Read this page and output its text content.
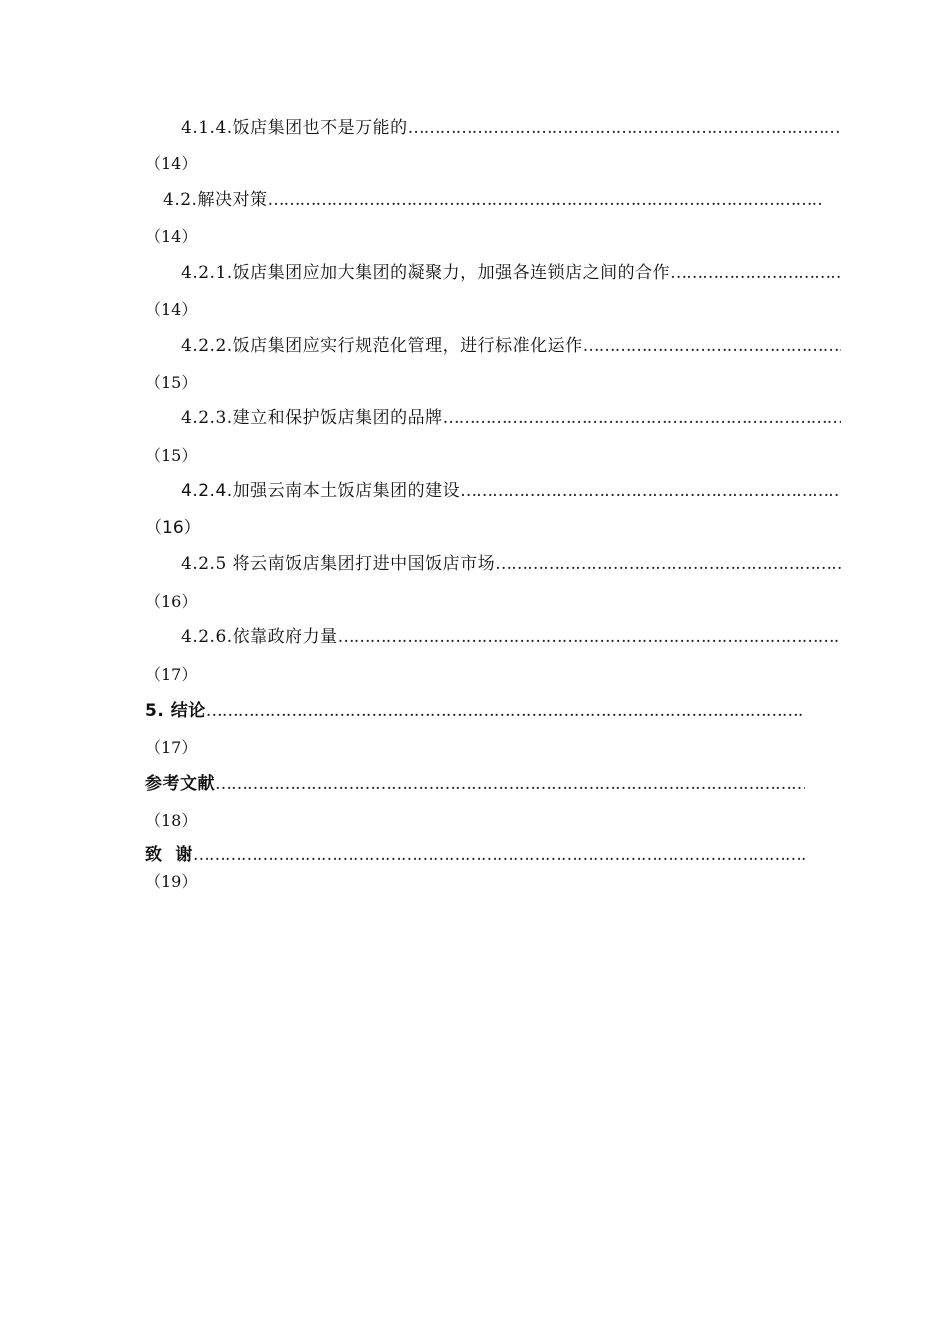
4.1.4.饭店集团也不是万能的
……………………………………………………………………………………………………………………………………………………………………………………………………
（14）
4.2.解决对策
……………………………………………………………………………………………………………………………………………………………………………………………………
（14）
4.2.1.饭店集团应加大集团的凝聚力，加强各连锁店之间的合作
……………………………………………………………………………………………………………………………………………………………………………………………………
（14）
4.2.2.饭店集团应实行规范化管理，进行标准化运作
……………………………………………………………………………………………………………………………………………………………………………………………………
（15）
4.2.3.建立和保护饭店集团的品牌
……………………………………………………………………………………………………………………………………………………………………………………………………
（15）
4.2.4.加强云南本土饭店集团的建设
……………………………………………………………………………………………………………………………………………………………………………………………………
（16）
4.2.5 将云南饭店集团打进中国饭店市场
……………………………………………………………………………………………………………………………………………………………………………………………………
（16）
4.2.6.依靠政府力量
……………………………………………………………………………………………………………………………………………………………………………………………………
（17）
5. 结论
……………………………………………………………………………………………………………………………………………………………………………………………………
（17）
参考文献
……………………………………………………………………………………………………………………………………………………………………………………………………
（18）
致  谢
……………………………………………………………………………………………………………………………………………………………………………………………………
（19）
